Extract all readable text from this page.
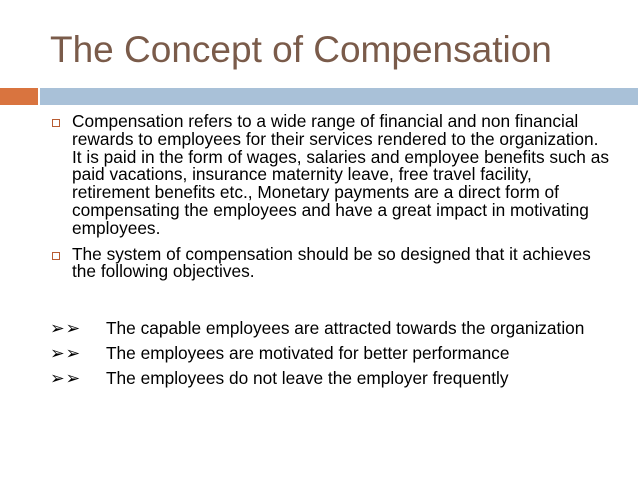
The Concept of Compensation
Compensation refers to a wide range of financial and non financial rewards to employees for their services rendered to the organization. It is paid in the form of wages, salaries and employee benefits such as paid vacations, insurance maternity leave, free travel facility, retirement benefits etc., Monetary payments are a direct form of compensating the employees and have a great impact in motivating employees.
The system of compensation should be so designed that it achieves the following objectives.
➢➢ The capable employees are attracted towards the organization
➢➢ The employees are motivated for better performance
➢➢ The employees do not leave the employer frequently
